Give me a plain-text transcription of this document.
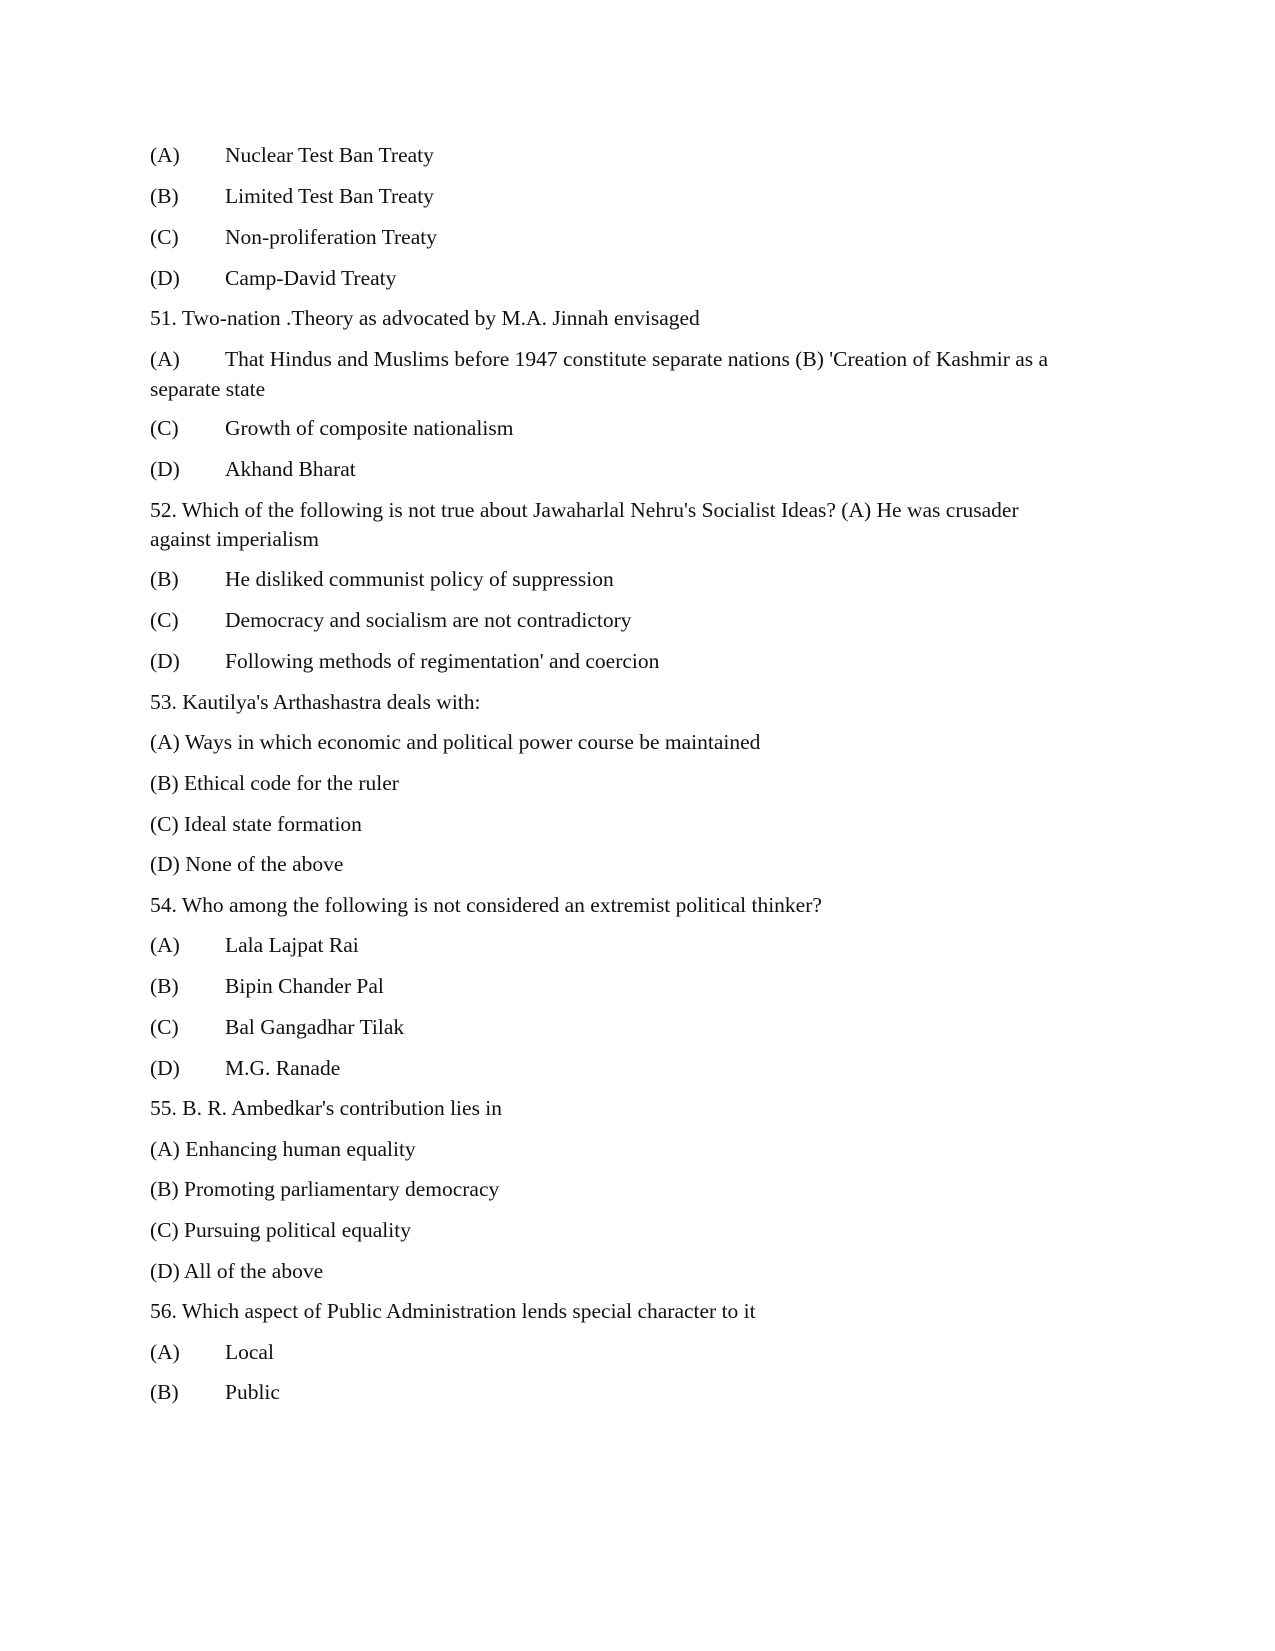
(A) Nuclear Test Ban Treaty
(B) Limited Test Ban Treaty
(C) Non-proliferation Treaty
(D) Camp-David Treaty
51. Two-nation .Theory as advocated by M.A. Jinnah envisaged
(A) That Hindus and Muslims before 1947 constitute separate nations (B) 'Creation of Kashmir as a
separate state
(C) Growth of composite nationalism
(D) Akhand Bharat
52. Which of the following is not true about Jawaharlal Nehru's Socialist Ideas? (A) He was crusader
against imperialism
(B) He disliked communist policy of suppression
(C) Democracy and socialism are not contradictory
(D) Following methods of regimentation' and coercion
53. Kautilya's Arthashastra deals with:
(A) Ways in which economic and political power course be maintained
(B) Ethical code for the ruler
(C) Ideal state formation
(D) None of the above
54. Who among the following is not considered an extremist political thinker?
(A) Lala Lajpat Rai
(B) Bipin Chander Pal
(C) Bal Gangadhar Tilak
(D) M.G. Ranade
55. B. R. Ambedkar's contribution lies in
(A) Enhancing human equality
(B) Promoting parliamentary democracy
(C) Pursuing political equality
(D) All of the above
56. Which aspect of Public Administration lends special character to it
(A) Local
(B) Public
